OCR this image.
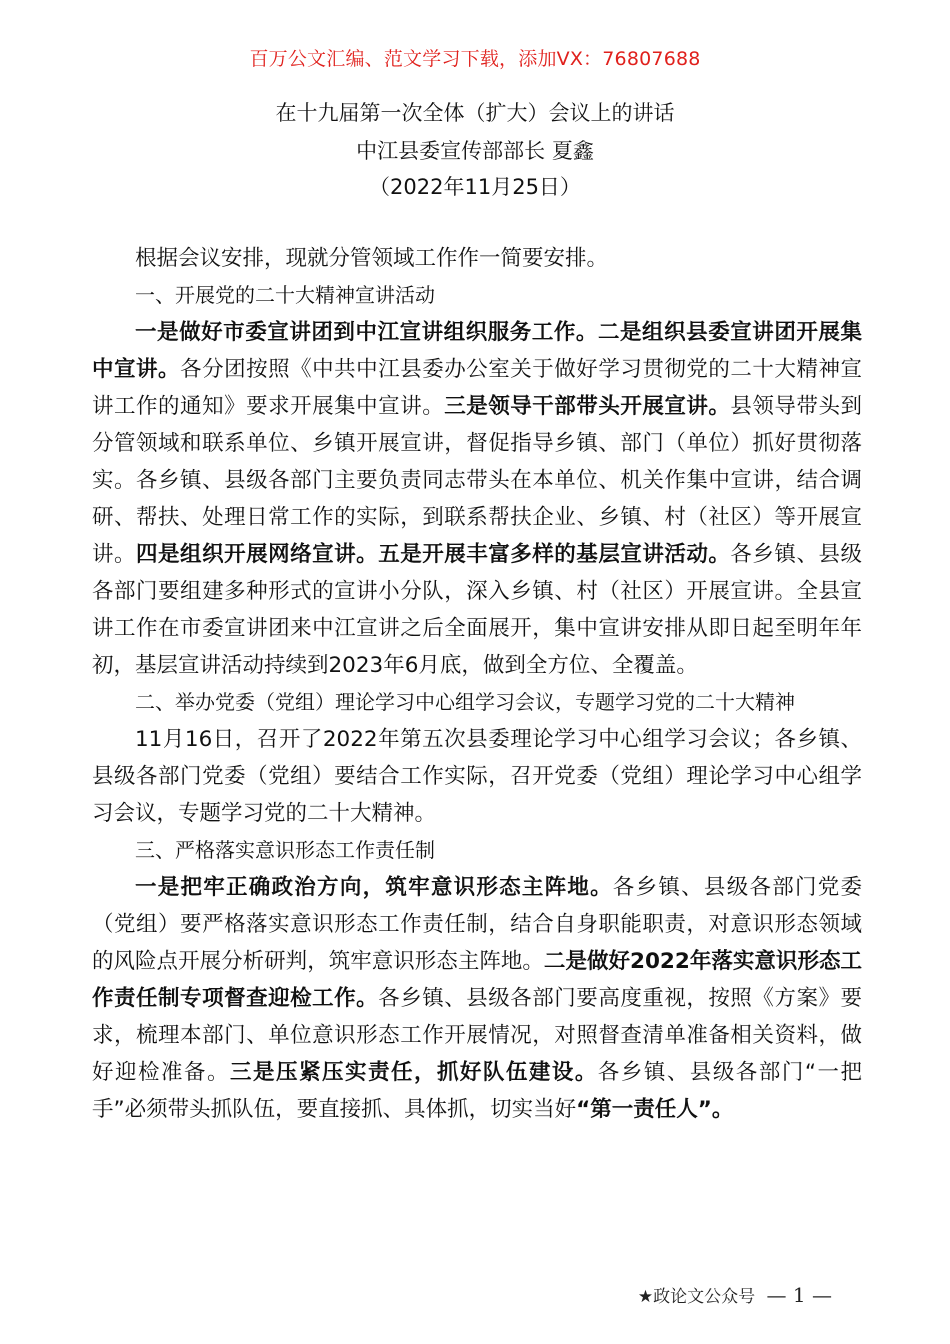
百万公文汇编、范文学习下载，添加VX：76807688
在十九届第一次全体（扩大）会议上的讲话
中江县委宣传部部长 夏鑫
（2022年11月25日）

根据会议安排，现就分管领域工作作一简要安排。

一、开展党的二十大精神宣讲活动

一是做好市委宣讲团到中江宣讲组织服务工作。二是组织县委宣讲团开展集中宣讲。各分团按照《中共中江县委办公室关于做好学习贯彻党的二十大精神宣讲工作的通知》要求开展集中宣讲。三是领导干部带头开展宣讲。县领导带头到分管领域和联系单位、乡镇开展宣讲，督促指导乡镇、部门（单位）抓好贯彻落实。各乡镇、县级各部门主要负责同志带头在本单位、机关作集中宣讲，结合调研、帮扶、处理日常工作的实际，到联系帮扶企业、乡镇、村（社区）等开展宣讲。四是组织开展网络宣讲。五是开展丰富多样的基层宣讲活动。各乡镇、县级各部门要组建多种形式的宣讲小分队，深入乡镇、村（社区）开展宣讲。全县宣讲工作在市委宣讲团来中江宣讲之后全面展开，集中宣讲安排从即日起至明年年初，基层宣讲活动持续到2023年6月底，做到全方位、全覆盖。

二、举办党委（党组）理论学习中心组学习会议，专题学习党的二十大精神

11月16日，召开了2022年第五次县委理论学习中心组学习会议；各乡镇、县级各部门党委（党组）要结合工作实际，召开党委（党组）理论学习中心组学习会议，专题学习党的二十大精神。

三、严格落实意识形态工作责任制

一是把牢正确政治方向，筑牢意识形态主阵地。各乡镇、县级各部门党委（党组）要严格落实意识形态工作责任制，结合自身职能职责，对意识形态领域的风险点开展分析研判，筑牢意识形态主阵地。二是做好2022年落实意识形态工作责任制专项督查迎检工作。各乡镇、县级各部门要高度重视，按照《方案》要求，梳理本部门、单位意识形态工作开展情况，对照督查清单准备相关资料，做好迎检准备。三是压紧压实责任，抓好队伍建设。各乡镇、县级各部门“一把手”必须带头抓队伍，要直接抓、具体抓，切实当好“第一责任人”。

★政论文公众号 — 1 —
